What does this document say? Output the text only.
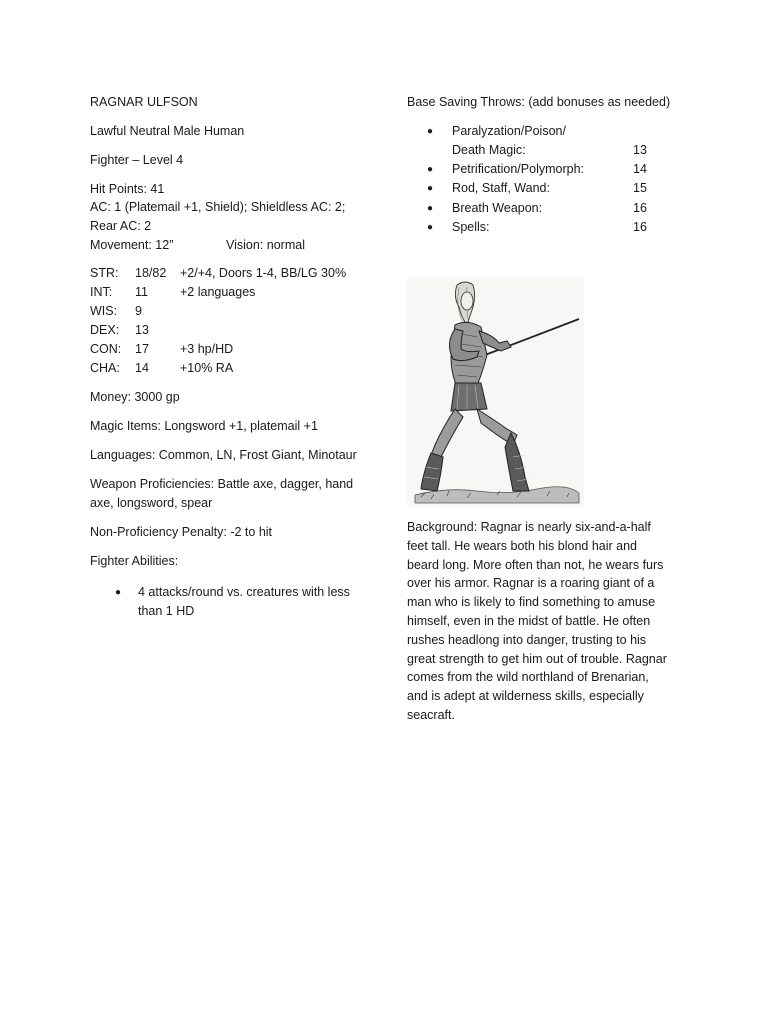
RAGNAR ULFSON
Lawful Neutral Male Human
Fighter – Level 4
Hit Points: 41
AC: 1 (Platemail +1, Shield); Shieldless AC: 2;
Rear AC: 2
Movement: 12”	Vision: normal
STR: 18/82 +2/+4, Doors 1-4, BB/LG 30%
INT: 11	+2 languages
WIS: 9
DEX: 13
CON: 17 +3 hp/HD
CHA: 14 +10% RA
Money: 3000 gp
Magic Items: Longsword +1, platemail +1
Languages: Common, LN, Frost Giant, Minotaur
Weapon Proficiencies: Battle axe, dagger, hand
axe, longsword, spear
Non-Proficiency Penalty: -2 to hit
Fighter Abilities:
● 4 attacks/round vs. creatures with less
than 1 HD
Base Saving Throws: (add bonuses as needed)
● Paralyzation/Poison/
Death Magic:	13
● Petrification/Polymorph:	14
● Rod, Staff, Wand:	15
● Breath Weapon:	16
● Spells:	16
Background: Ragnar is nearly six-and-a-half
feet tall. He wears both his blond hair and
beard long. More often than not, he wears furs
over his armor. Ragnar is a roaring giant of a
man who is likely to find something to amuse
himself, even in the midst of battle. He often
rushes headlong into danger, trusting to his
great strength to get him out of trouble. Ragnar
comes from the wild northland of Brenarian,
and is adept at wilderness skills, especially
seacraft.
